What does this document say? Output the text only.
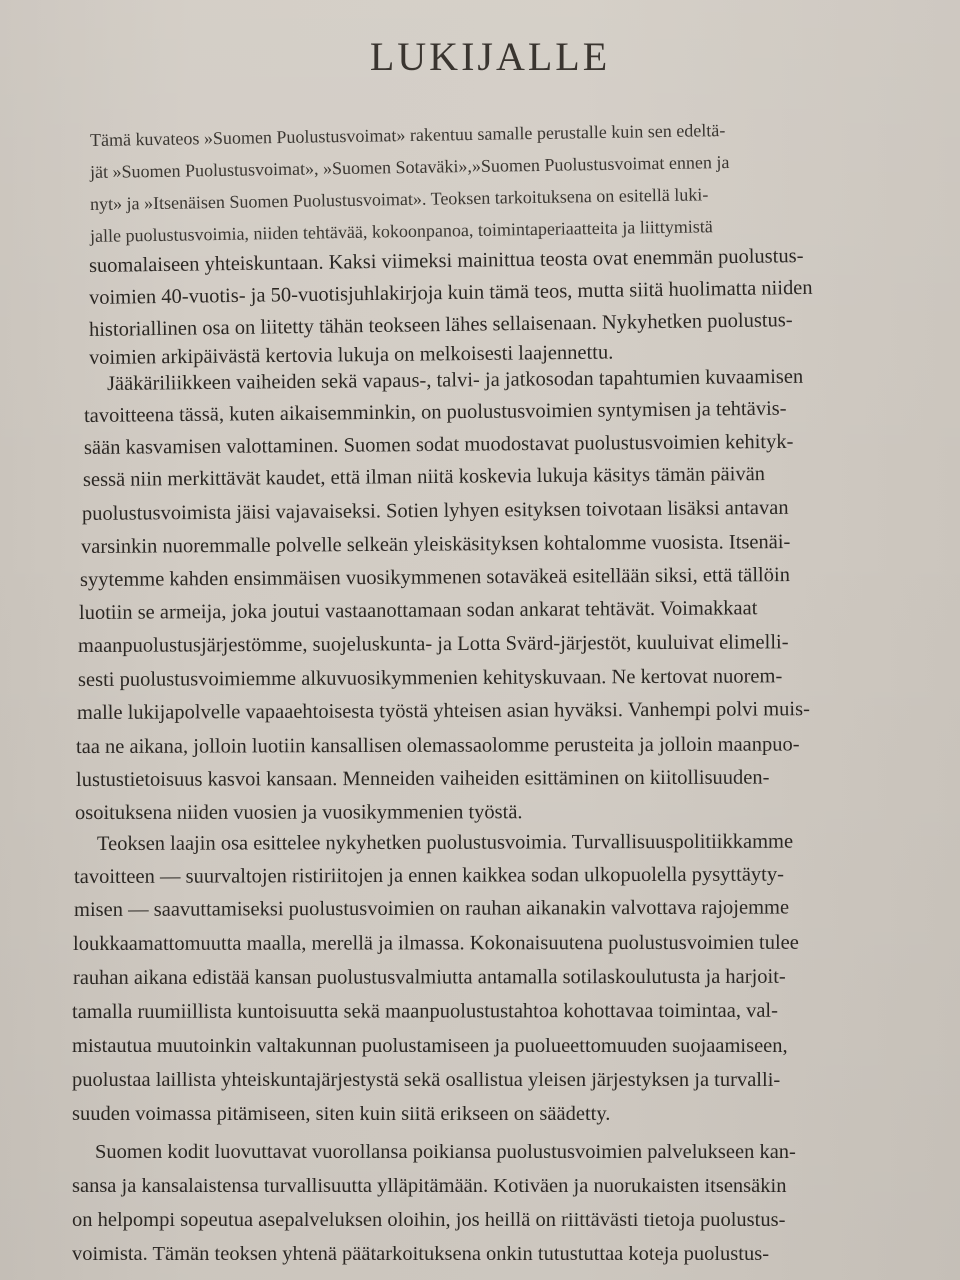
LUKIJALLE
Tämä kuvateos »Suomen Puolustusvoimat» rakentuu samalle perustalle kuin sen edeltä-
jät »Suomen Puolustusvoimat», »Suomen Sotaväki»,»Suomen Puolustusvoimat ennen ja
nyt» ja »Itsenäisen Suomen Puolustusvoimat». Teoksen tarkoituksena on esitellä luki-
jalle puolustusvoimia, niiden tehtävää, kokoonpanoa, toimintaperiaatteita ja liittymistä
suomalaiseen yhteiskuntaan. Kaksi viimeksi mainittua teosta ovat enemmän puolustus-
voimien 40-vuotis- ja 50-vuotisjuhlakirjoja kuin tämä teos, mutta siitä huolimatta niiden
historiallinen osa on liitetty tähän teokseen lähes sellaisenaan. Nykyhetken puolustus-
voimien arkipäivästä kertovia lukuja on melkoisesti laajennettu.
Jääkäriliikkeen vaiheiden sekä vapaus-, talvi- ja jatkosodan tapahtumien kuvaamisen
tavoitteena tässä, kuten aikaisemminkin, on puolustusvoimien syntymisen ja tehtävis-
sään kasvamisen valottaminen. Suomen sodat muodostavat puolustusvoimien kehityk-
sessä niin merkittävät kaudet, että ilman niitä koskevia lukuja käsitys tämän päivän
puolustusvoimista jäisi vajavaiseksi. Sotien lyhyen esityksen toivotaan lisäksi antavan
varsinkin nuoremmalle polvelle selkeän yleiskäsityksen kohtalomme vuosista. Itsenäi-
syytemme kahden ensimmäisen vuosikymmenen sotaväkeä esitellään siksi, että tällöin
luotiin se armeija, joka joutui vastaanottamaan sodan ankarat tehtävät. Voimakkaat
maanpuolustusjärjestömme, suojeluskunta- ja Lotta Svärd-järjestöt, kuuluivat elimelli-
sesti puolustusvoimiemme alkuvuosikymmenien kehityskuvaan. Ne kertovat nuorem-
malle lukijapolvelle vapaaehtoisesta työstä yhteisen asian hyväksi. Vanhempi polvi muis-
taa ne aikana, jolloin luotiin kansallisen olemassaolomme perusteita ja jolloin maanpuo-
lustustietoisuus kasvoi kansaan. Menneiden vaiheiden esittäminen on kiitollisuuden-
osoituksena niiden vuosien ja vuosikymmenien työstä.
Teoksen laajin osa esittelee nykyhetken puolustusvoimia. Turvallisuuspolitiikkamme
tavoitteen — suurvaltojen ristiriitojen ja ennen kaikkea sodan ulkopuolella pysyttäyty-
misen — saavuttamiseksi puolustusvoimien on rauhan aikanakin valvottava rajojemme
loukkaamattomuutta maalla, merellä ja ilmassa. Kokonaisuutena puolustusvoimien tulee
rauhan aikana edistää kansan puolustusvalmiutta antamalla sotilaskoulutusta ja harjoit-
tamalla ruumiillista kuntoisuutta sekä maanpuolustustahtoa kohottavaa toimintaa, val-
mistautua muutoinkin valtakunnan puolustamiseen ja puolueettomuuden suojaamiseen,
puolustaa laillista yhteiskuntajärjestystä sekä osallistua yleisen järjestyksen ja turvalli-
suuden voimassa pitämiseen, siten kuin siitä erikseen on säädetty.
Suomen kodit luovuttavat vuorollansa poikiansa puolustusvoimien palvelukseen kan-
sansa ja kansalaistensa turvallisuutta ylläpitämään. Kotiväen ja nuorukaisten itsensäkin
on helpompi sopeutua asepalveluksen oloihin, jos heillä on riittävästi tietoja puolustus-
voimista. Tämän teoksen yhtenä päätarkoituksena onkin tutustuttaa koteja puolustus-
